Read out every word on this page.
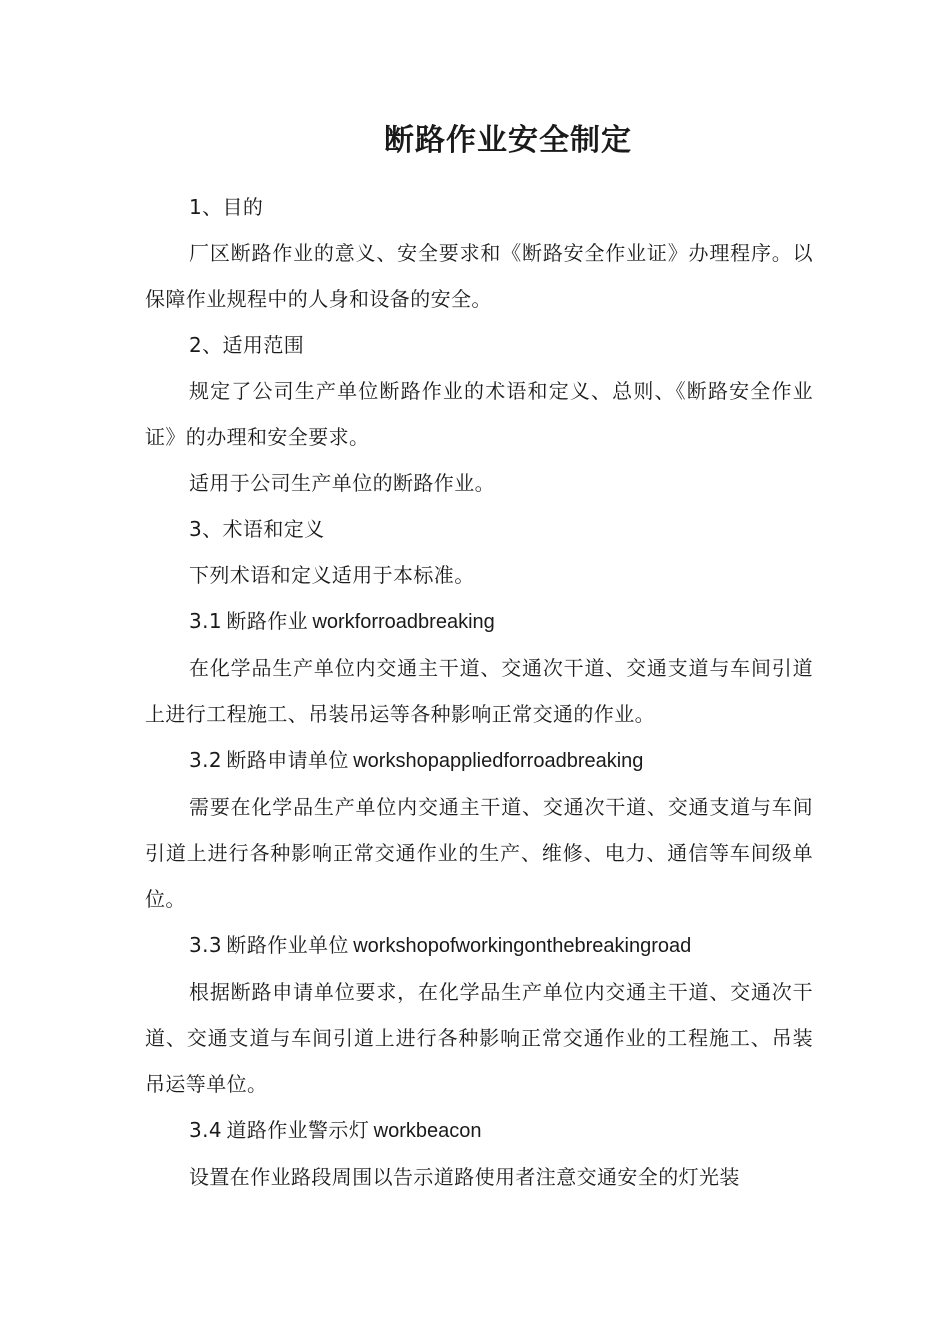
断路作业安全制定

1、目的

厂区断路作业的意义、安全要求和《断路安全作业证》办理程序。以保障作业规程中的人身和设备的安全。

2、适用范围

规定了公司生产单位断路作业的术语和定义、总则、《断路安全作业证》的办理和安全要求。

适用于公司生产单位的断路作业。

3、术语和定义

下列术语和定义适用于本标准。

3.1  断路作业  workforroadbreaking

在化学品生产单位内交通主干道、交通次干道、交通支道与车间引道上进行工程施工、吊装吊运等各种影响正常交通的作业。

3.2  断路申请单位  workshopappliedforroadbreaking

需要在化学品生产单位内交通主干道、交通次干道、交通支道与车间引道上进行各种影响正常交通作业的生产、维修、电力、通信等车间级单位。

3.3  断路作业单位  workshopofworkingonthebreakingroad

根据断路申请单位要求，在化学品生产单位内交通主干道、交通次干道、交通支道与车间引道上进行各种影响正常交通作业的工程施工、吊装吊运等单位。

3.4  道路作业警示灯  workbeacon

设置在作业路段周围以告示道路使用者注意交通安全的灯光装
